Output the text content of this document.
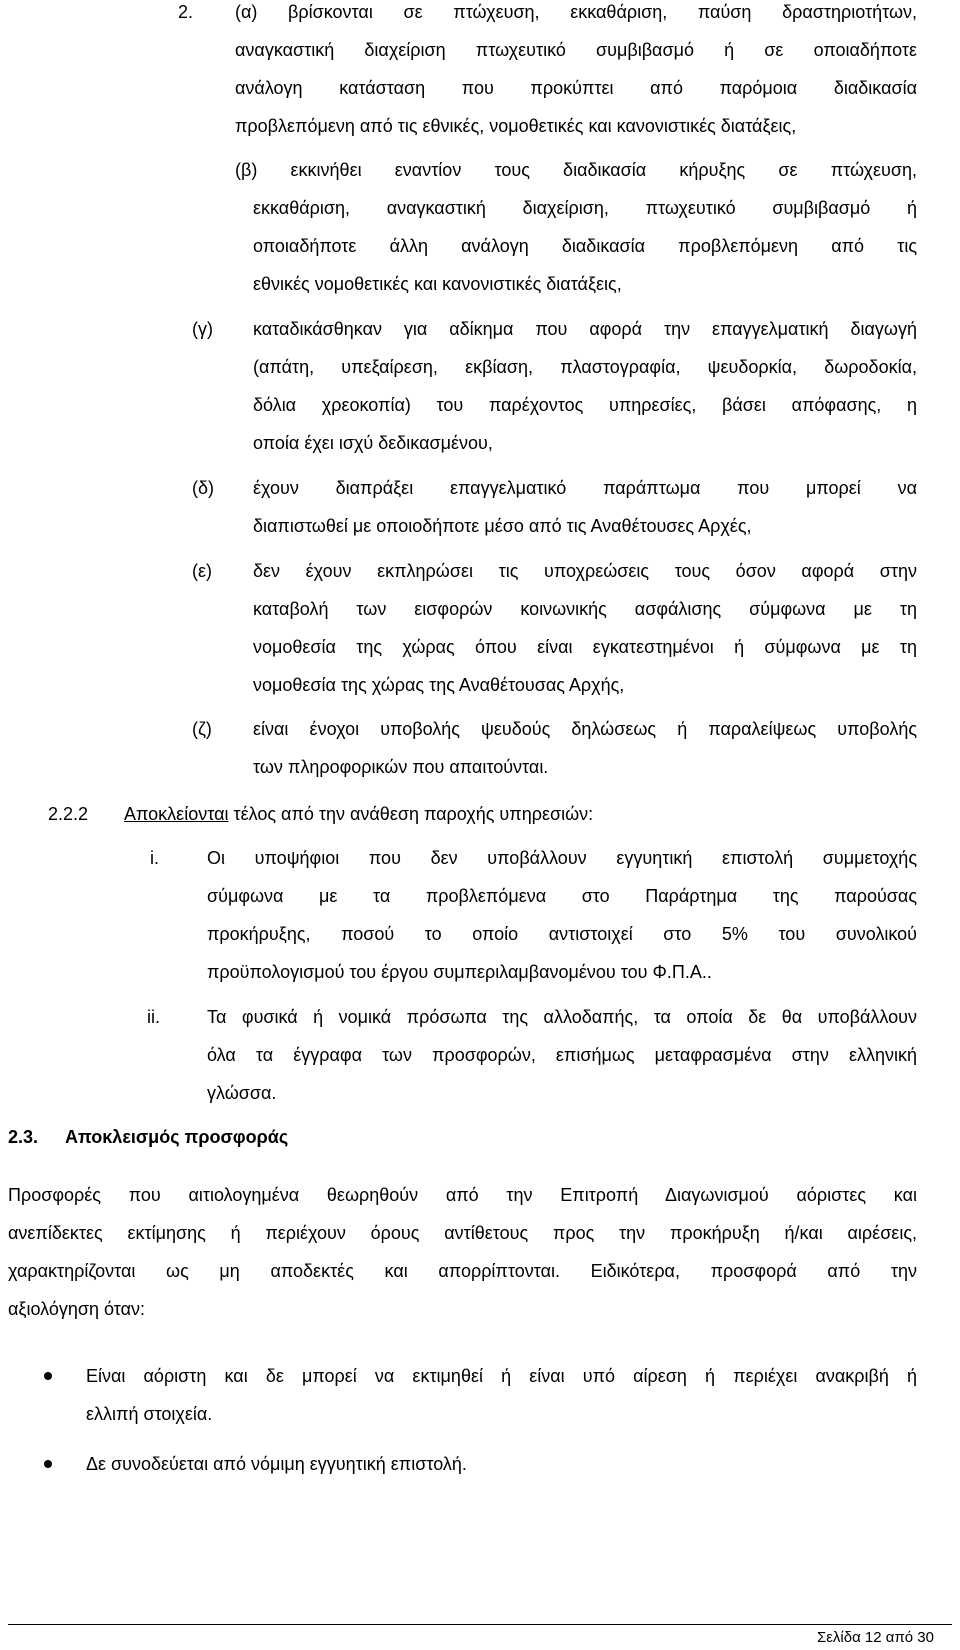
2. (α) βρίσκονται σε πτώχευση, εκκαθάριση, παύση δραστηριοτήτων,
αναγκαστική διαχείριση πτωχευτικό συμβιβασμό ή σε οποιαδήποτε
ανάλογη κατάσταση που προκύπτει από παρόμοια διαδικασία
προβλεπόμενη από τις εθνικές, νομοθετικές και κανονιστικές διατάξεις,
(β) εκκινήθει εναντίον τους διαδικασία κήρυξης σε πτώχευση,
εκκαθάριση, αναγκαστική διαχείριση, πτωχευτικό συμβιβασμό ή
οποιαδήποτε άλλη ανάλογη διαδικασία προβλεπόμενη από τις
εθνικές νομοθετικές και κανονιστικές διατάξεις,
(γ) καταδικάσθηκαν για αδίκημα που αφορά την επαγγελματική διαγωγή
(απάτη, υπεξαίρεση, εκβίαση, πλαστογραφία, ψευδορκία, δωροδοκία,
δόλια χρεοκοπία) του παρέχοντος υπηρεσίες, βάσει απόφασης, η
οποία έχει ισχύ δεδικασμένου,
(δ) έχουν διαπράξει επαγγελματικό παράπτωμα που μπορεί να
διαπιστωθεί με οποιοδήποτε μέσο από τις Αναθέτουσες Αρχές,
(ε) δεν έχουν εκπληρώσει τις υποχρεώσεις τους όσον αφορά στην
καταβολή των εισφορών κοινωνικής ασφάλισης σύμφωνα με τη
νομοθεσία της χώρας όπου είναι εγκατεστημένοι ή σύμφωνα με τη
νομοθεσία της χώρας της Αναθέτουσας Αρχής,
(ζ) είναι ένοχοι υποβολής ψευδούς δηλώσεως ή παραλείψεως υποβολής
των πληροφορικών που απαιτούνται.
2.2.2 Αποκλείονται τέλος από την ανάθεση παροχής υπηρεσιών:
i.	Οι υποψήφιοι που δεν υποβάλλουν εγγυητική επιστολή συμμετοχής
σύμφωνα με τα προβλεπόμενα στο Παράρτημα της παρούσας
προκήρυξης, ποσού το οποίο αντιστοιχεί στο 5% του συνολικού
προϋπολογισμού του έργου συμπεριλαμβανομένου του Φ.Π.Α..
ii.	Τα φυσικά ή νομικά πρόσωπα της αλλοδαπής, τα οποία δε θα υποβάλλουν
όλα τα έγγραφα των προσφορών, επισήμως μεταφρασμένα στην ελληνική
γλώσσα.
2.3. Αποκλεισμός προσφοράς
Προσφορές που αιτιολογημένα θεωρηθούν από την Επιτροπή Διαγωνισμού αόριστες και
ανεπίδεκτες εκτίμησης ή περιέχουν όρους αντίθετους προς την προκήρυξη ή/και αιρέσεις,
χαρακτηρίζονται ως μη αποδεκτές και απορρίπτονται. Ειδικότερα, προσφορά από την
αξιολόγηση όταν:
Είναι αόριστη και δε μπορεί να εκτιμηθεί ή είναι υπό αίρεση ή περιέχει ανακριβή ή
ελλιπή στοιχεία.
Δε συνοδεύεται από νόμιμη εγγυητική επιστολή.
Σελίδα 12 από 30
